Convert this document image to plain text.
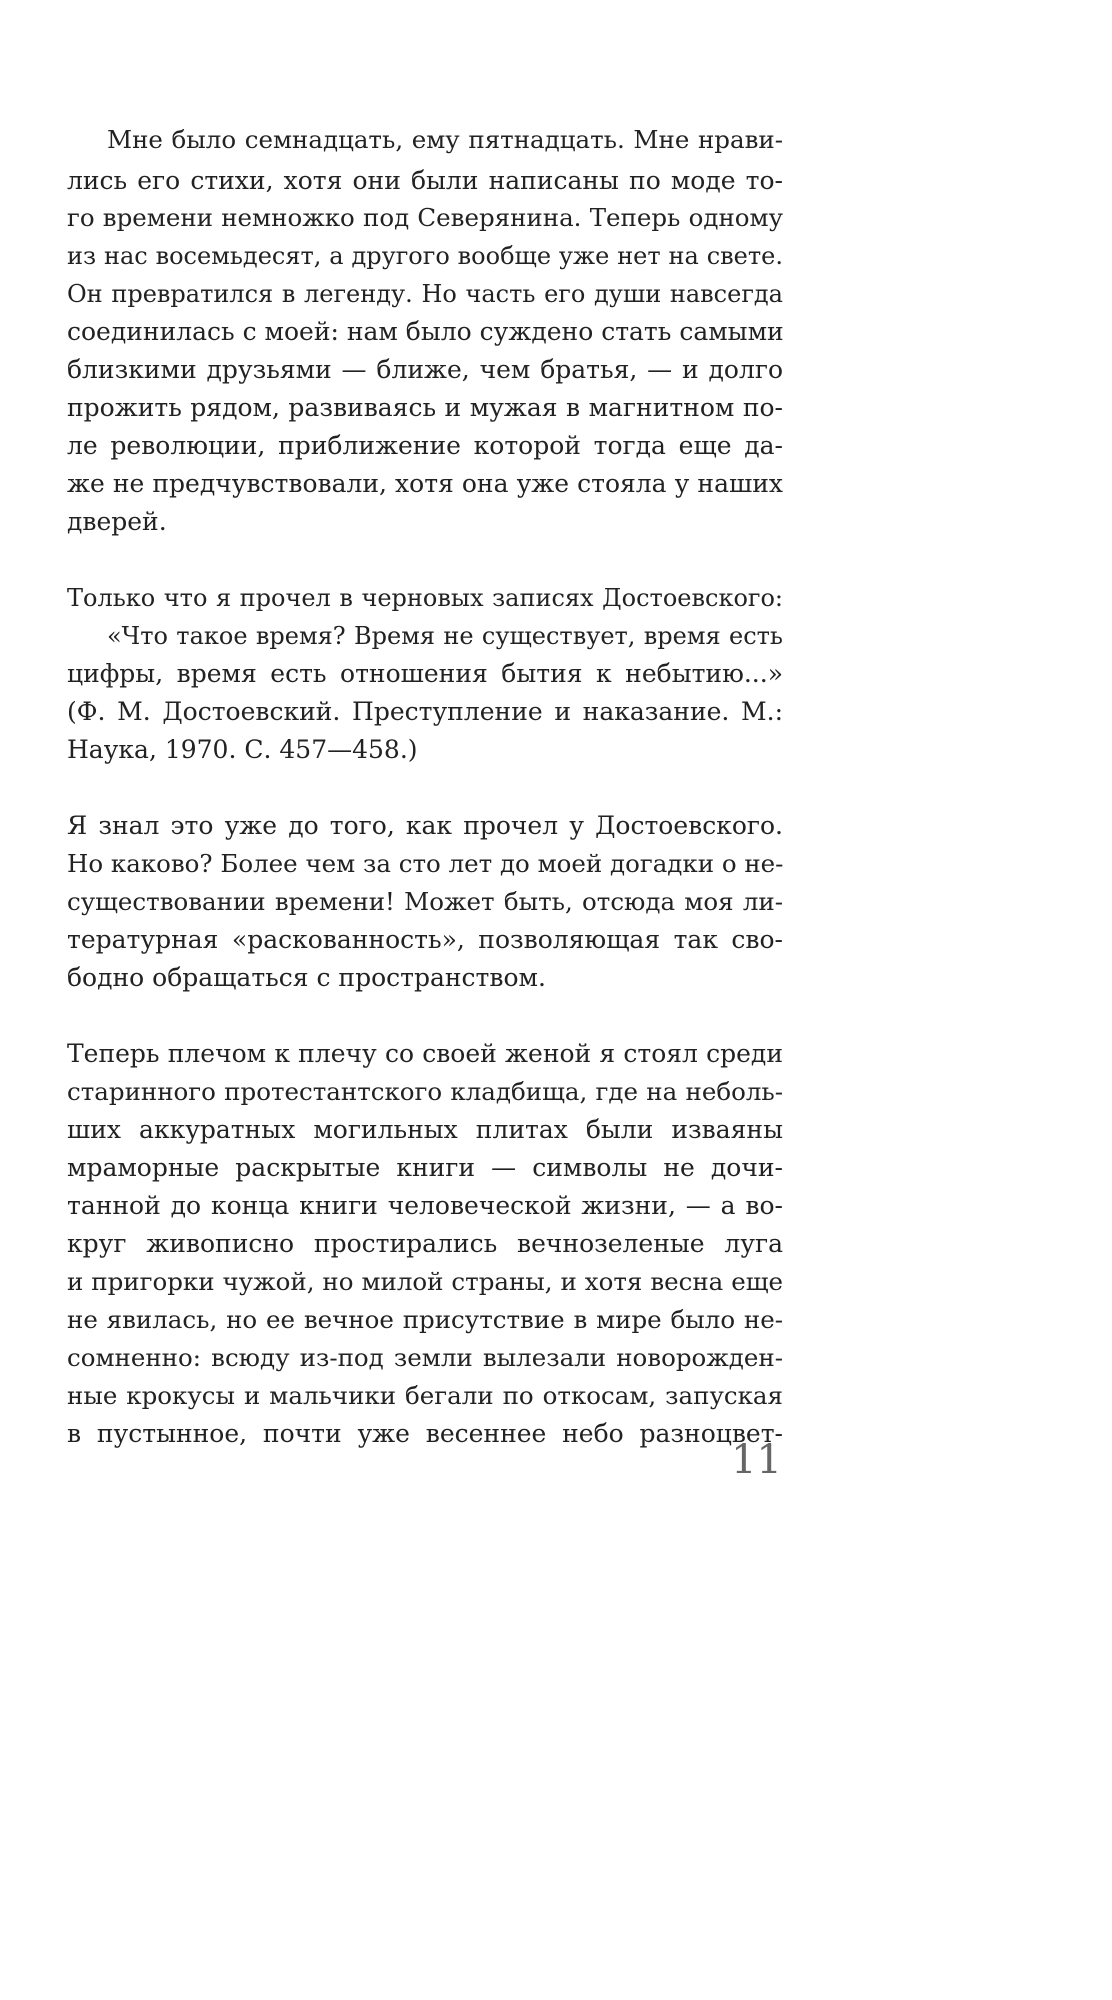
Мне было семнадцать, ему пятнадцать. Мне нрави-
лись его стихи, хотя они были написаны по моде то-
го времени немножко под Северянина. Теперь одному
из нас восемьдесят, а другого вообще уже нет на свете.
Он превратился в легенду. Но часть его души навсегда
соединилась с моей: нам было суждено стать самыми
близкими друзьями — ближе, чем братья, — и долго
прожить рядом, развиваясь и мужая в магнитном по-
ле революции, приближение которой тогда еще да-
же не предчувствовали, хотя она уже стояла у наших
дверей.
Только что я прочел в черновых записях Достоевского:
«Что такое время? Время не существует, время есть
цифры, время есть отношения бытия к небытию...»
(Ф. М. Достоевский. Преступление и наказание. М.:
Наука, 1970. С. 457—458.)
Я знал это уже до того, как прочел у Достоевского.
Но каково? Более чем за сто лет до моей догадки о не-
существовании времени! Может быть, отсюда моя ли-
тературная «раскованность», позволяющая так сво-
бодно обращаться с пространством.
Теперь плечом к плечу со своей женой я стоял среди
старинного протестантского кладбища, где на неболь-
ших аккуратных могильных плитах были изваяны
мраморные раскрытые книги — символы не дочи-
танной до конца книги человеческой жизни, — а во-
круг живописно простирались вечнозеленые луга
и пригорки чужой, но милой страны, и хотя весна еще
не явилась, но ее вечное присутствие в мире было не-
сомненно: всюду из-под земли вылезали новорожден-
ные крокусы и мальчики бегали по откосам, запуская
в пустынное, почти уже весеннее небо разноцвет-
11
